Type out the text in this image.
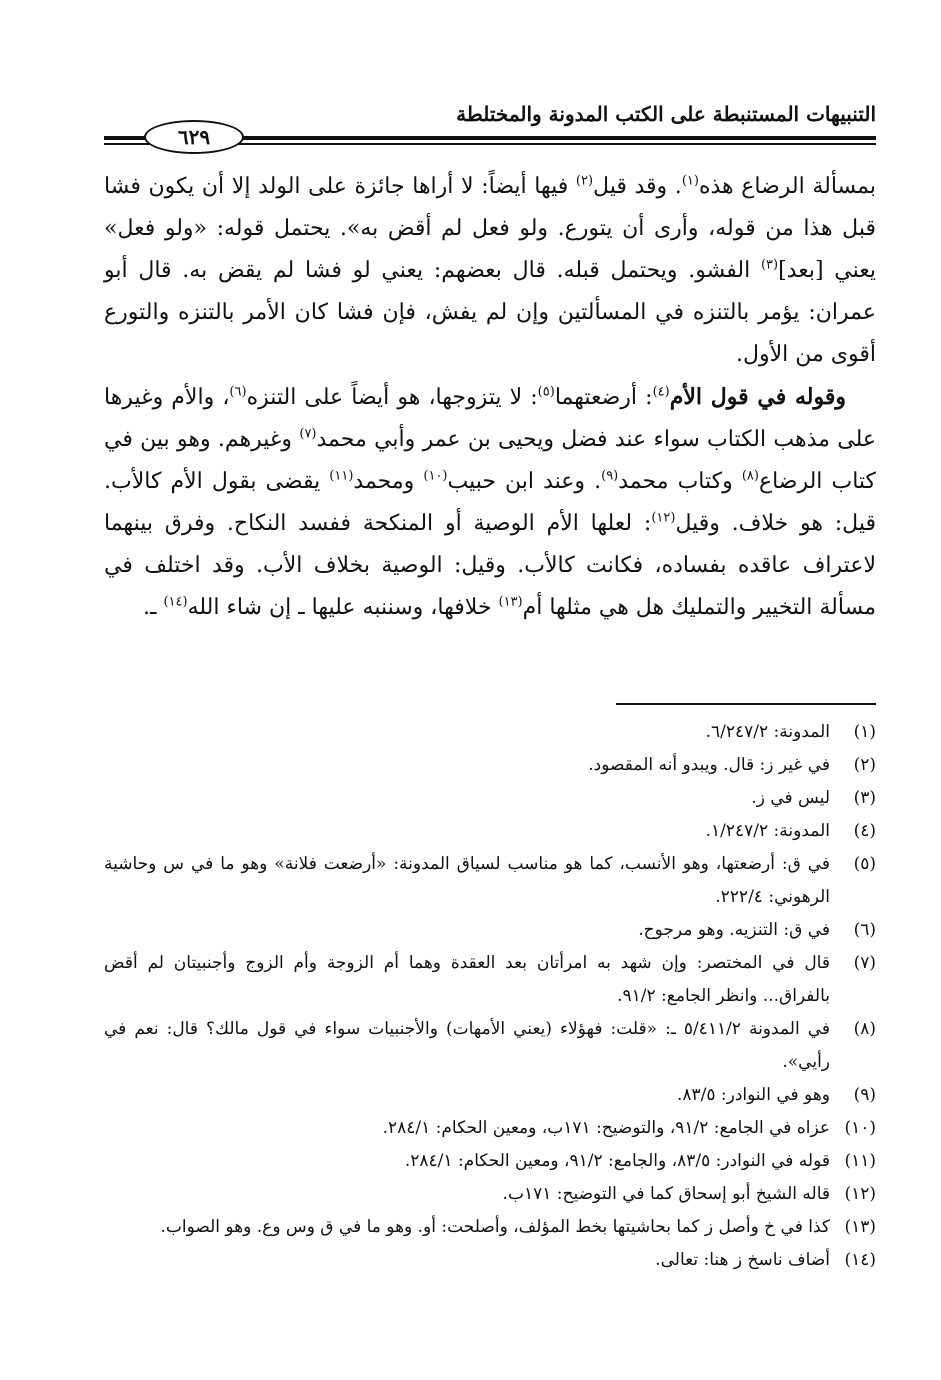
التنبيهات المستنبطة على الكتب المدونة والمختلطة
٦٢٩

بمسألة الرضاع هذه$^{(١)}$. وقد قيل$^{(٢)}$ فيها أيضاً: لا أراها جائزة على الولد إلا أن يكون فشا قبل هذا من قوله، وأرى أن يتورع. ولو فعل لم أقض به». يحتمل قوله: «ولو فعل» يعني [بعد]$^{(٣)}$ الفشو. ويحتمل قبله. قال بعضهم: يعني لو فشا لم يقض به. قال أبو عمران: يؤمر بالتنزه في المسألتين وإن لم يفش، فإن فشا كان الأمر بالتنزه والتورع أقوى من الأول.

وقوله في قول الأم$^{(٤)}$: أرضعتهما$^{(٥)}$: لا يتزوجها، هو أيضاً على التنزه$^{(٦)}$، والأم وغيرها على مذهب الكتاب سواء عند فضل ويحيى بن عمر وأبي محمد$^{(٧)}$ وغيرهم. وهو بين في كتاب الرضاع$^{(٨)}$ وكتاب محمد$^{(٩)}$. وعند ابن حبيب$^{(١٠)}$ ومحمد$^{(١١)}$ يقضى بقول الأم كالأب. قيل: هو خلاف. وقيل$^{(١٢)}$: لعلها الأم الوصية أو المنكحة ففسد النكاح. وفرق بينهما لاعتراف عاقده بفساده، فكانت كالأب. وقيل: الوصية بخلاف الأب. وقد اختلف في مسألة التخيير والتمليك هل هي مثلها أم$^{(١٣)}$ خلافها، وسننبه عليها ـ إن شاء الله$^{(١٤)}$ ـ.

(١)
المدونة: ٦/٢٤٧/٢.
(٢)
في غير ز: قال. ويبدو أنه المقصود.
(٣)
ليس في ز.
(٤)
المدونة: ١/٢٤٧/٢.
(٥)
في ق: أرضعتها، وهو الأنسب، كما هو مناسب لسياق المدونة: «أرضعت فلانة» وهو ما في س وحاشية الرهوني: ٢٢٢/٤.
(٦)
في ق: التنزيه. وهو مرجوح.
(٧)
قال في المختصر: وإن شهد به امرأتان بعد العقدة وهما أم الزوجة وأم الزوج وأجنبيتان لم أقض بالفراق... وانظر الجامع: ٩١/٢.
(٨)
في المدونة ٥/٤١١/٢ ـ: «قلت: فهؤلاء (يعني الأمهات) والأجنبيات سواء في قول مالك؟ قال: نعم في رأيي».
(٩)
وهو في النوادر: ٨٣/٥.
(١٠)
عزاه في الجامع: ٩١/٢، والتوضيح: ١٧١ب، ومعين الحكام: ٢٨٤/١.
(١١)
قوله في النوادر: ٨٣/٥، والجامع: ٩١/٢، ومعين الحكام: ٢٨٤/١.
(١٢)
قاله الشيخ أبو إسحاق كما في التوضيح: ١٧١ب.
(١٣)
كذا في خ وأصل ز كما بحاشيتها بخط المؤلف، وأصلحت: أو. وهو ما في ق وس وع. وهو الصواب.
(١٤)
أضاف ناسخ ز هنا: تعالى.
